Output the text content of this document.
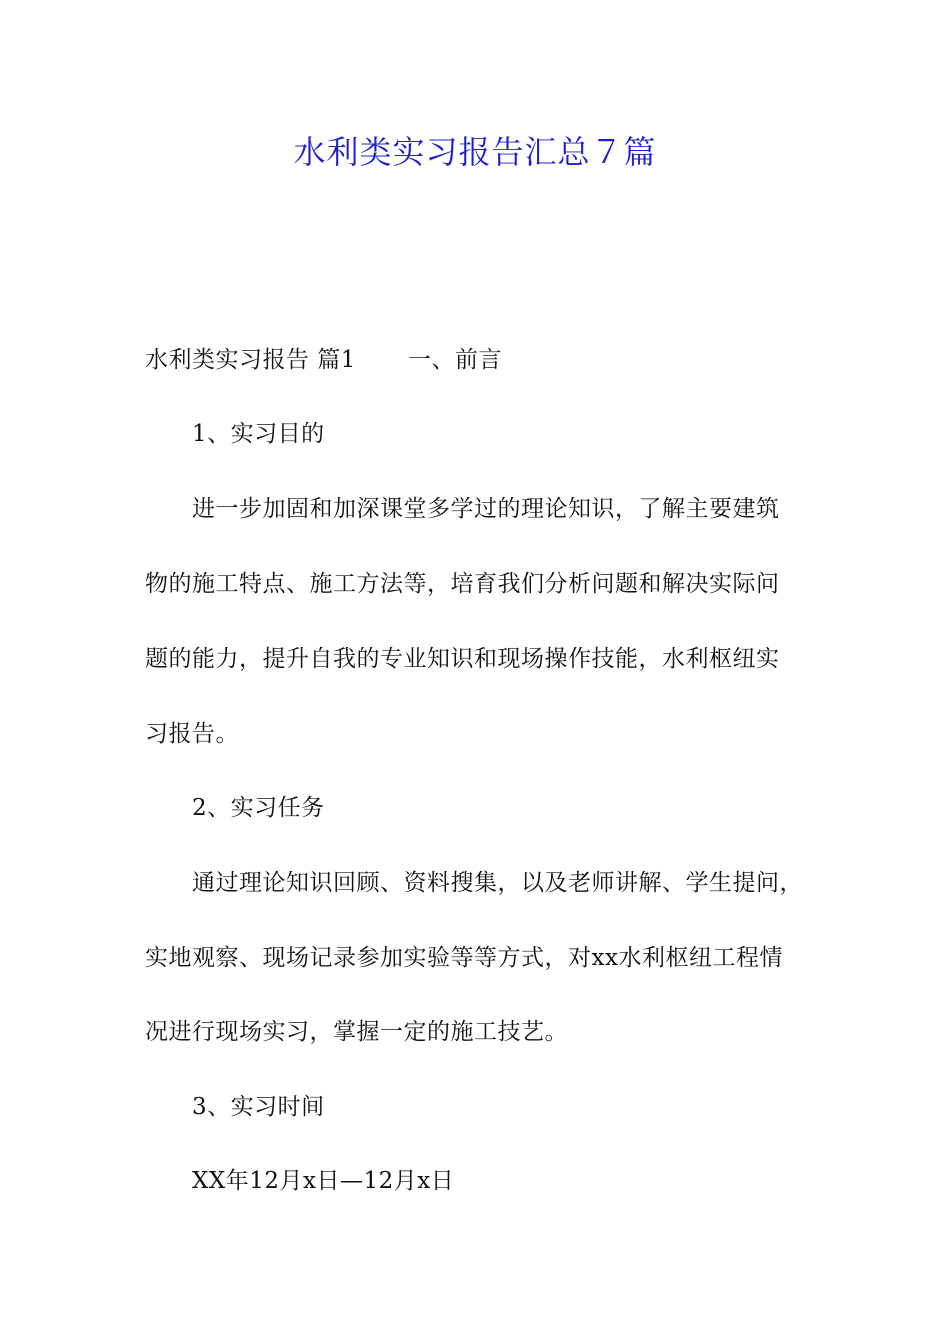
水利类实习报告汇总７篇
水利类实习报告 篇1 一、前言
1、实习目的
进一步加固和加深课堂多学过的理论知识，了解主要建筑
物的施工特点、施工方法等，培育我们分析问题和解决实际问
题的能力，提升自我的专业知识和现场操作技能，水利枢纽实
习报告。
2、实习任务
通过理论知识回顾、资料搜集，以及老师讲解、学生提问，
实地观察、现场记录参加实验等等方式，对xx水利枢纽工程情
况进行现场实习，掌握一定的施工技艺。
3、实习时间
XX年12月x日—12月x日
